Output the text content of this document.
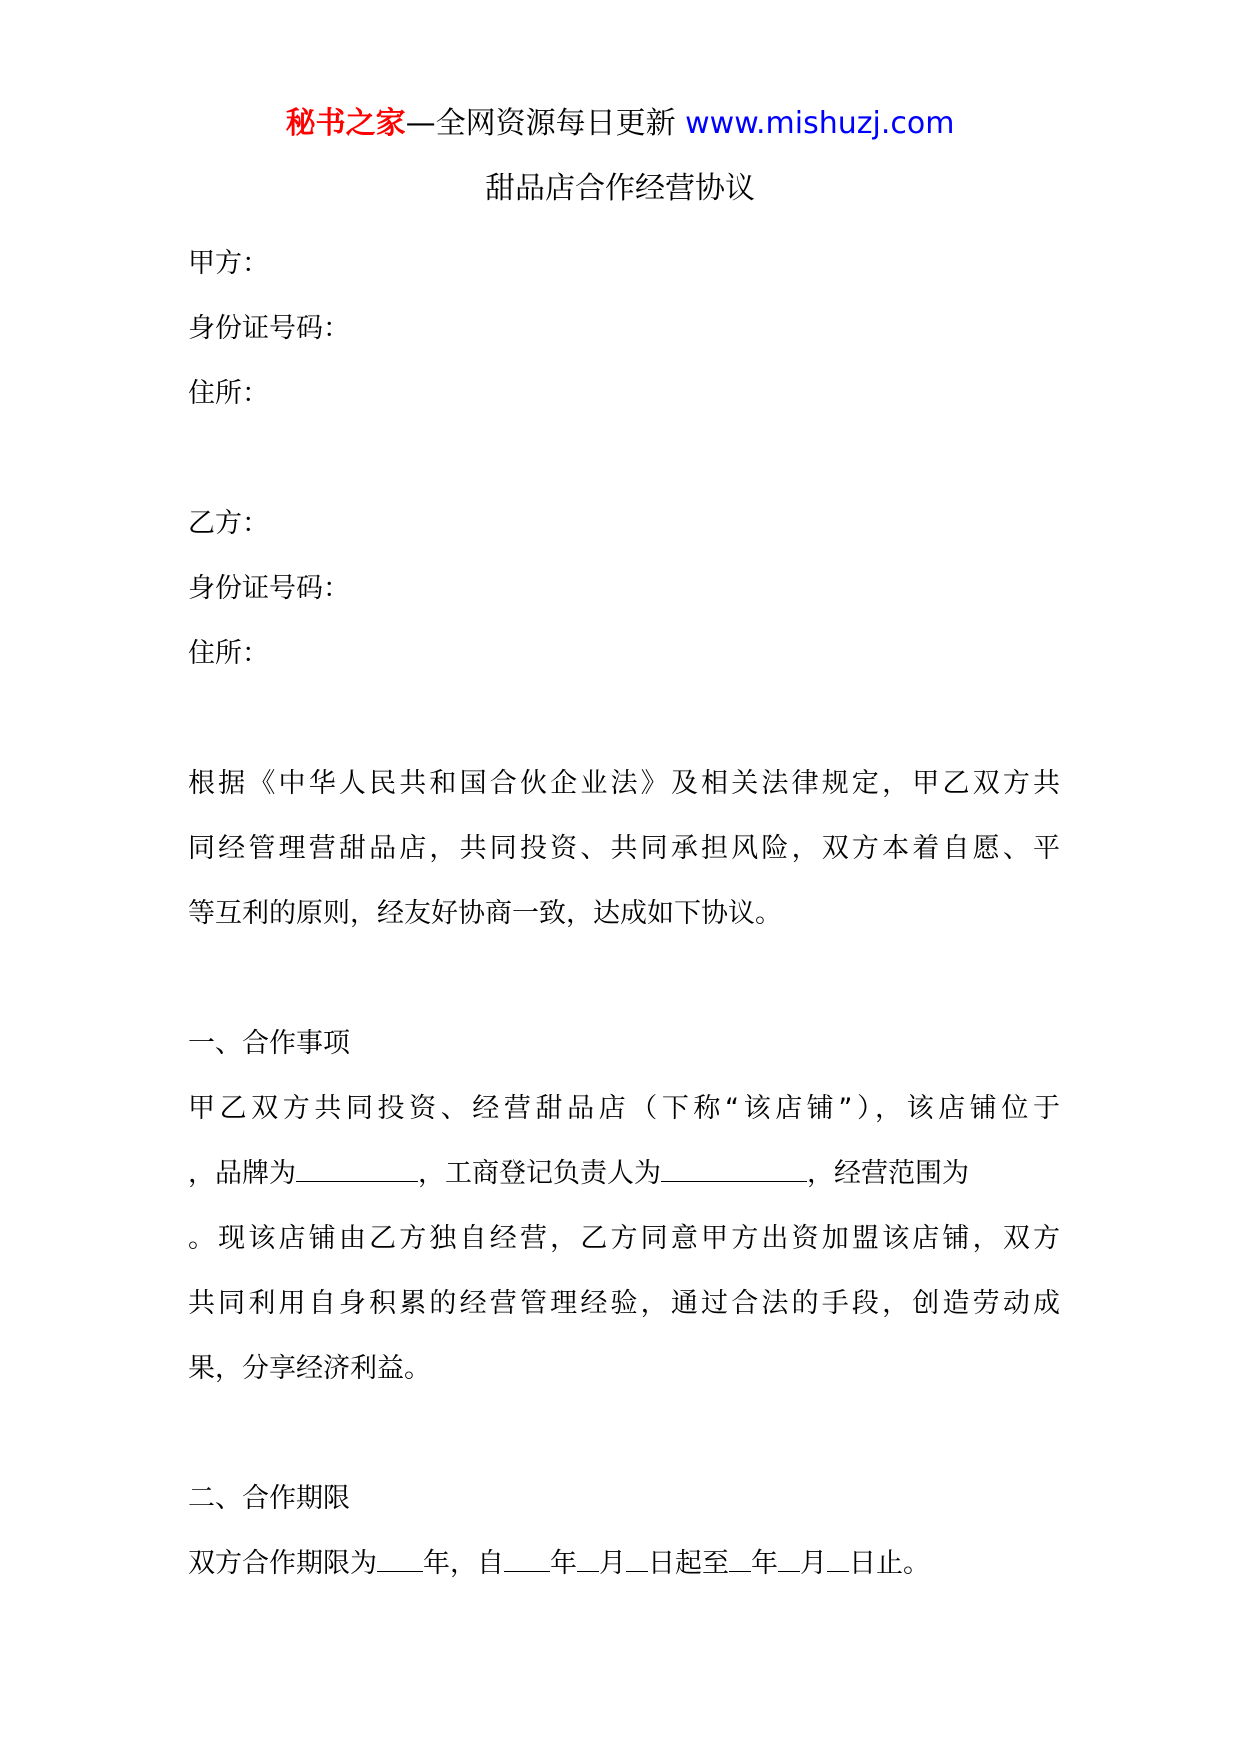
秘书之家—全网资源每日更新 www.mishuzj.com
甜品店合作经营协议
甲方：
身份证号码：
住所：
乙方：
身份证号码：
住所：
根据《中华人民共和国合伙企业法》及相关法律规定，甲乙双方共
同经管理营甜品店，共同投资、共同承担风险，双方本着自愿、平
等互利的原则，经友好协商一致，达成如下协议。
一、合作事项
甲乙双方共同投资、经营甜品店（下称“该店铺”），该店铺位于
，品牌为	，工商登记负责人为	，经营范围为
。现该店铺由乙方独自经营，乙方同意甲方出资加盟该店铺，双方
共同利用自身积累的经营管理经验，通过合法的手段，创造劳动成
果，分享经济利益。
二、合作期限
双方合作期限为 年，自 年 月 日起至 年 月 日止。
